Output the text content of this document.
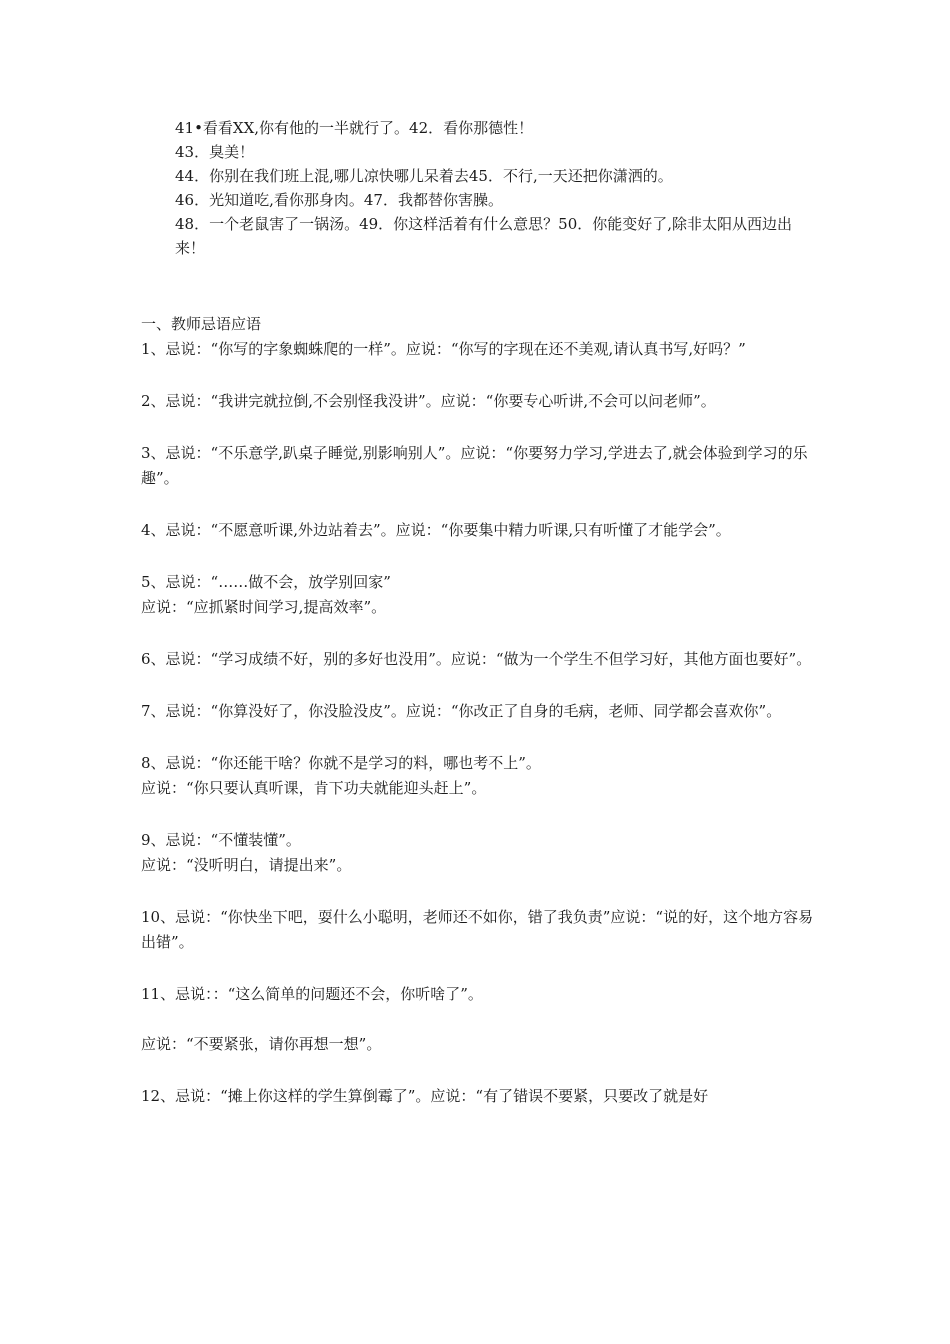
41•看看XX,你有他的一半就行了。42．看你那德性！
43．臭美！
44．你别在我们班上混,哪儿凉快哪儿呆着去45．不行,一天还把你潇洒的。
46．光知道吃,看你那身肉。47．我都替你害臊。
48．一个老鼠害了一锅汤。49．你这样活着有什么意思？50．你能变好了,除非太阳从西边出来！
一、教师忌语应语

1、忌说：“你写的字象蜘蛛爬的一样”。应说：“你写的字现在还不美观,请认真书写,好吗？”

2、忌说：“我讲完就拉倒,不会别怪我没讲”。应说：“你要专心听讲,不会可以问老师”。

3、忌说：“不乐意学,趴桌子睡觉,别影响别人”。应说：“你要努力学习,学进去了,就会体验到学习的乐趣”。

4、忌说：“不愿意听课,外边站着去”。应说：“你要集中精力听课,只有听懂了才能学会”。

5、忌说：“……做不会，放学别回家”

应说：“应抓紧时间学习,提高效率”。

6、忌说：“学习成绩不好，别的多好也没用”。应说：“做为一个学生不但学习好，其他方面也要好”。

7、忌说：“你算没好了，你没脸没皮”。应说：“你改正了自身的毛病，老师、同学都会喜欢你”。

8、忌说：“你还能干啥？你就不是学习的料，哪也考不上”。

应说：“你只要认真听课，肯下功夫就能迎头赶上”。

9、忌说：“不懂装懂”。

应说：“没听明白，请提出来”。

10、忌说：“你快坐下吧，耍什么小聪明，老师还不如你，错了我负责”应说：“说的好，这个地方容易出错”。

11、忌说：：“这么简单的问题还不会，你听啥了”。

应说：“不要紧张，请你再想一想”。

12、忌说：“摊上你这样的学生算倒霉了”。应说：“有了错误不要紧，只要改了就是好
